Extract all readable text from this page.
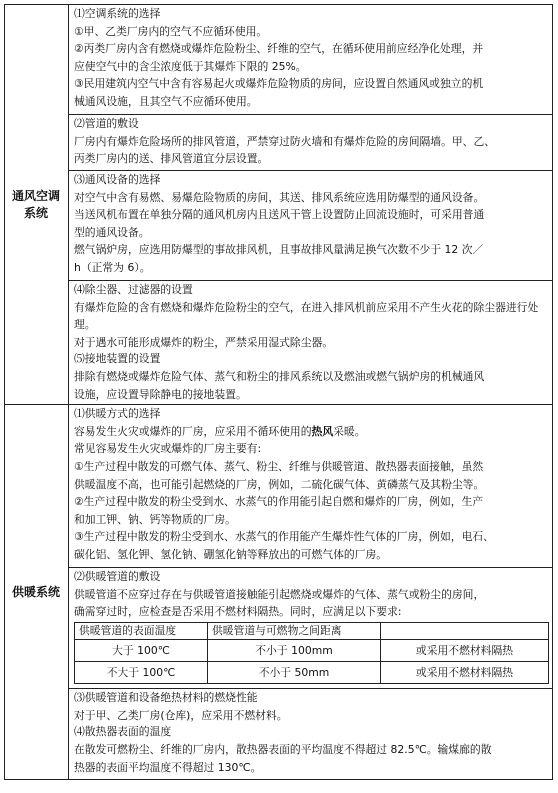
通风空调系统	
⑴空调系统的选择
①甲、乙类厂房内的空气不应循环使用。
②丙类厂房内含有燃烧或爆炸危险粉尘、纤维的空气，在循环使用前应经净化处理，并
应使空气中的含尘浓度低于其爆炸下限的 25%。
③民用建筑内空气中含有容易起火或爆炸危险物质的房间，应设置自然通风或独立的机
械通风设施，且其空气不应循环使用。

⑵管道的敷设
厂房内有爆炸危险场所的排风管道，严禁穿过防火墙和有爆炸危险的房间隔墙。甲、乙、
丙类厂房内的送、排风管道宜分层设置。

⑶通风设备的选择
对空气中含有易燃、易爆危险物质的房间，其送、排风系统应选用防爆型的通风设备。
当送风机布置在单独分隔的通风机房内且送风干管上设置防止回流设施时，可采用普通
型的通风设备。
燃气锅炉房，应选用防爆型的事故排风机，且事故排风量满足换气次数不少于 12 次／
h（正常为 6）。

⑷除尘器、过滤器的设置
有爆炸危险的含有燃烧和爆炸危险粉尘的空气，在进入排风机前应采用不产生火花的除尘器进行处理。
对于遇水可能形成爆炸的粉尘，严禁采用湿式除尘器。
⑸接地装置的设置
排除有燃烧或爆炸危险气体、蒸气和粉尘的排风系统以及燃油或燃气锅炉房的机械通风
设施，应设置导除静电的接地装置。

供暖系统	
⑴供暖方式的选择
容易发生火灾或爆炸的厂房，应采用不循环使用的热风采暖。
常见容易发生火灾或爆炸的厂房主要有:
①生产过程中散发的可燃气体、蒸气、粉尘、纤维与供暖管道、散热器表面接触，虽然
供暖温度不高，也可能引起燃烧的厂房，例如，二硫化碳气体、黄磷蒸气及其粉尘等。
②生产过程中散发的粉尘受到水、水蒸气的作用能引起自燃和爆炸的厂房，例如，生产
和加工钾、钠、钙等物质的厂房。
③生产过程中散发的粉尘受到水、水蒸气的作用能产生爆炸性气体的厂房，例如，电石、
碳化铝、氢化钾、氢化钠、硼氢化钠等释放出的可燃气体的厂房。

⑵供暖管道的敷设
供暖管道不应穿过存在与供暖管道接触能引起燃烧或爆炸的气体、蒸气或粉尘的房间，
确需穿过时，应检查是否采用不燃材料隔热。同时，应满足以下要求:
供暖管道的表面温度	供暖管道与可燃物之间距离	
大于 100℃	不小于 100mm	或采用不燃材料隔热
不大于 100℃	不小于 50mm	或采用不燃材料隔热

⑶供暖管道和设备绝热材料的燃烧性能
对于甲、乙类厂房(仓库)，应采用不燃材料。
⑷散热器表面的温度
在散发可燃粉尘、纤维的厂房内，散热器表面的平均温度不得超过 82.5℃。输煤廊的散
热器的表面平均温度不得超过 130℃。
